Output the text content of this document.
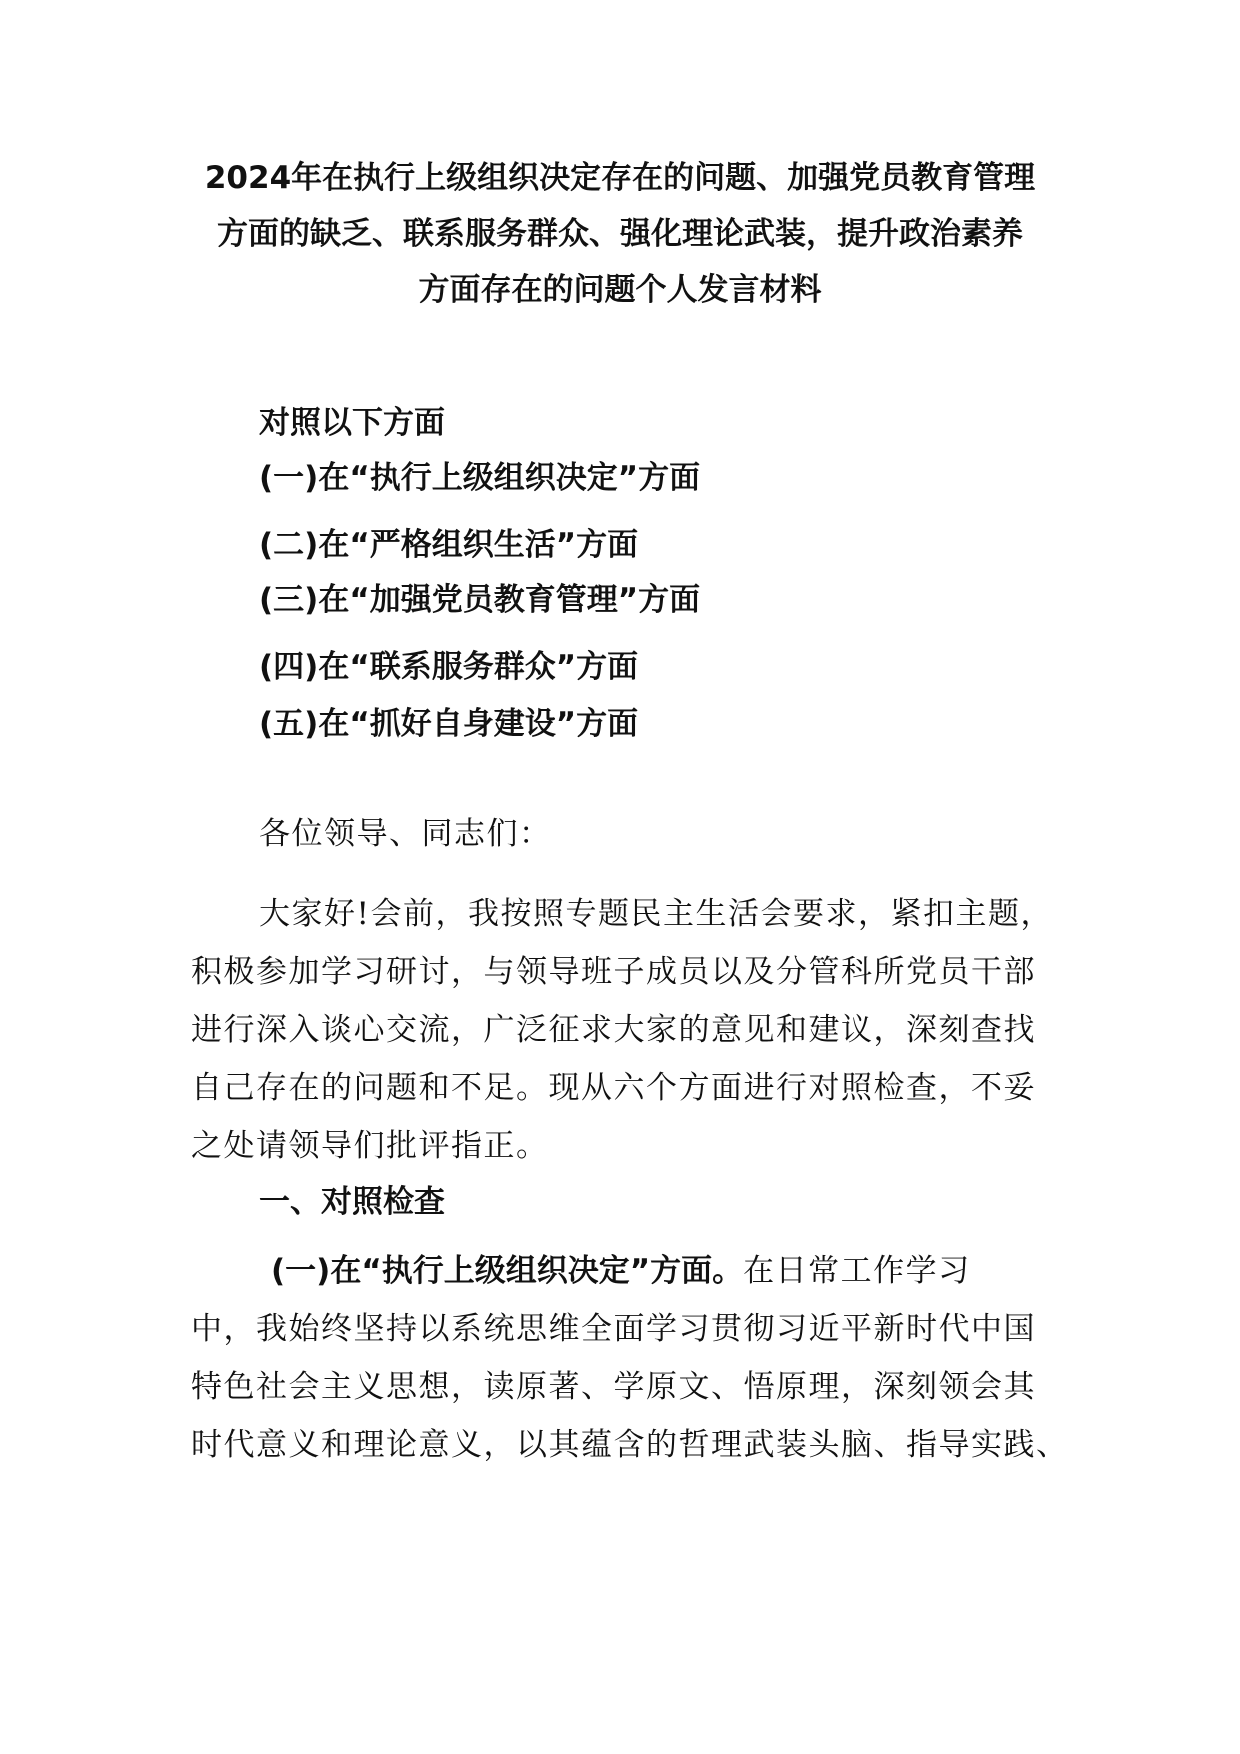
2024年在执行上级组织决定存在的问题、加强党员教育管理
方面的缺乏、联系服务群众、强化理论武装，提升政治素养
方面存在的问题个人发言材料

对照以下方面

(一)在“执行上级组织决定”方面

(二)在“严格组织生活”方面

(三)在“加强党员教育管理”方面

(四)在“联系服务群众”方面

(五)在“抓好自身建设”方面

各位领导、同志们：

大家好!会前，我按照专题民主生活会要求，紧扣主题，
积极参加学习研讨，与领导班子成员以及分管科所党员干部
进行深入谈心交流，广泛征求大家的意见和建议，深刻查找
自己存在的问题和不足。现从六个方面进行对照检查，不妥
之处请领导们批评指正。

一、对照检查

(一)在“执行上级组织决定”方面。在日常工作学习
中，我始终坚持以系统思维全面学习贯彻习近平新时代中国
特色社会主义思想，读原著、学原文、悟原理，深刻领会其
时代意义和理论意义，以其蕴含的哲理武装头脑、指导实践、
